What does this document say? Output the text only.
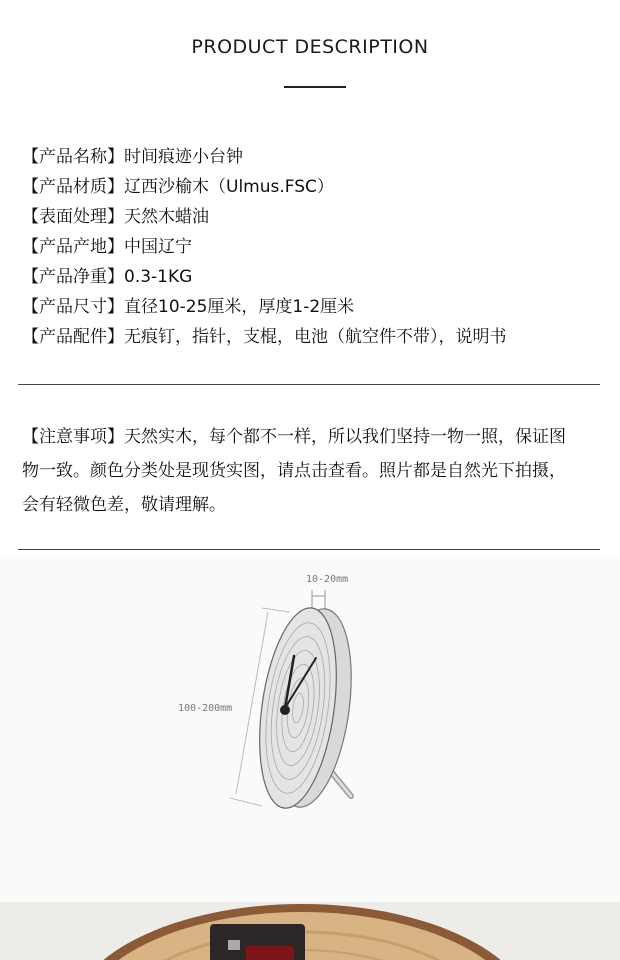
PRODUCT DESCRIPTION
【产品名称】时间痕迹小台钟
【产品材质】辽西沙榆木（Ulmus.FSC）
【表面处理】天然木蜡油
【产品产地】中国辽宁
【产品净重】0.3-1KG
【产品尺寸】直径10-25厘米，厚度1-2厘米
【产品配件】无痕钉，指针，支棍，电池（航空件不带），说明书
【注意事项】天然实木，每个都不一样，所以我们坚持一物一照，保证图物一致。颜色分类处是现货实图，请点击查看。照片都是自然光下拍摄，会有轻微色差，敬请理解。
10-20mm
100-200mm
